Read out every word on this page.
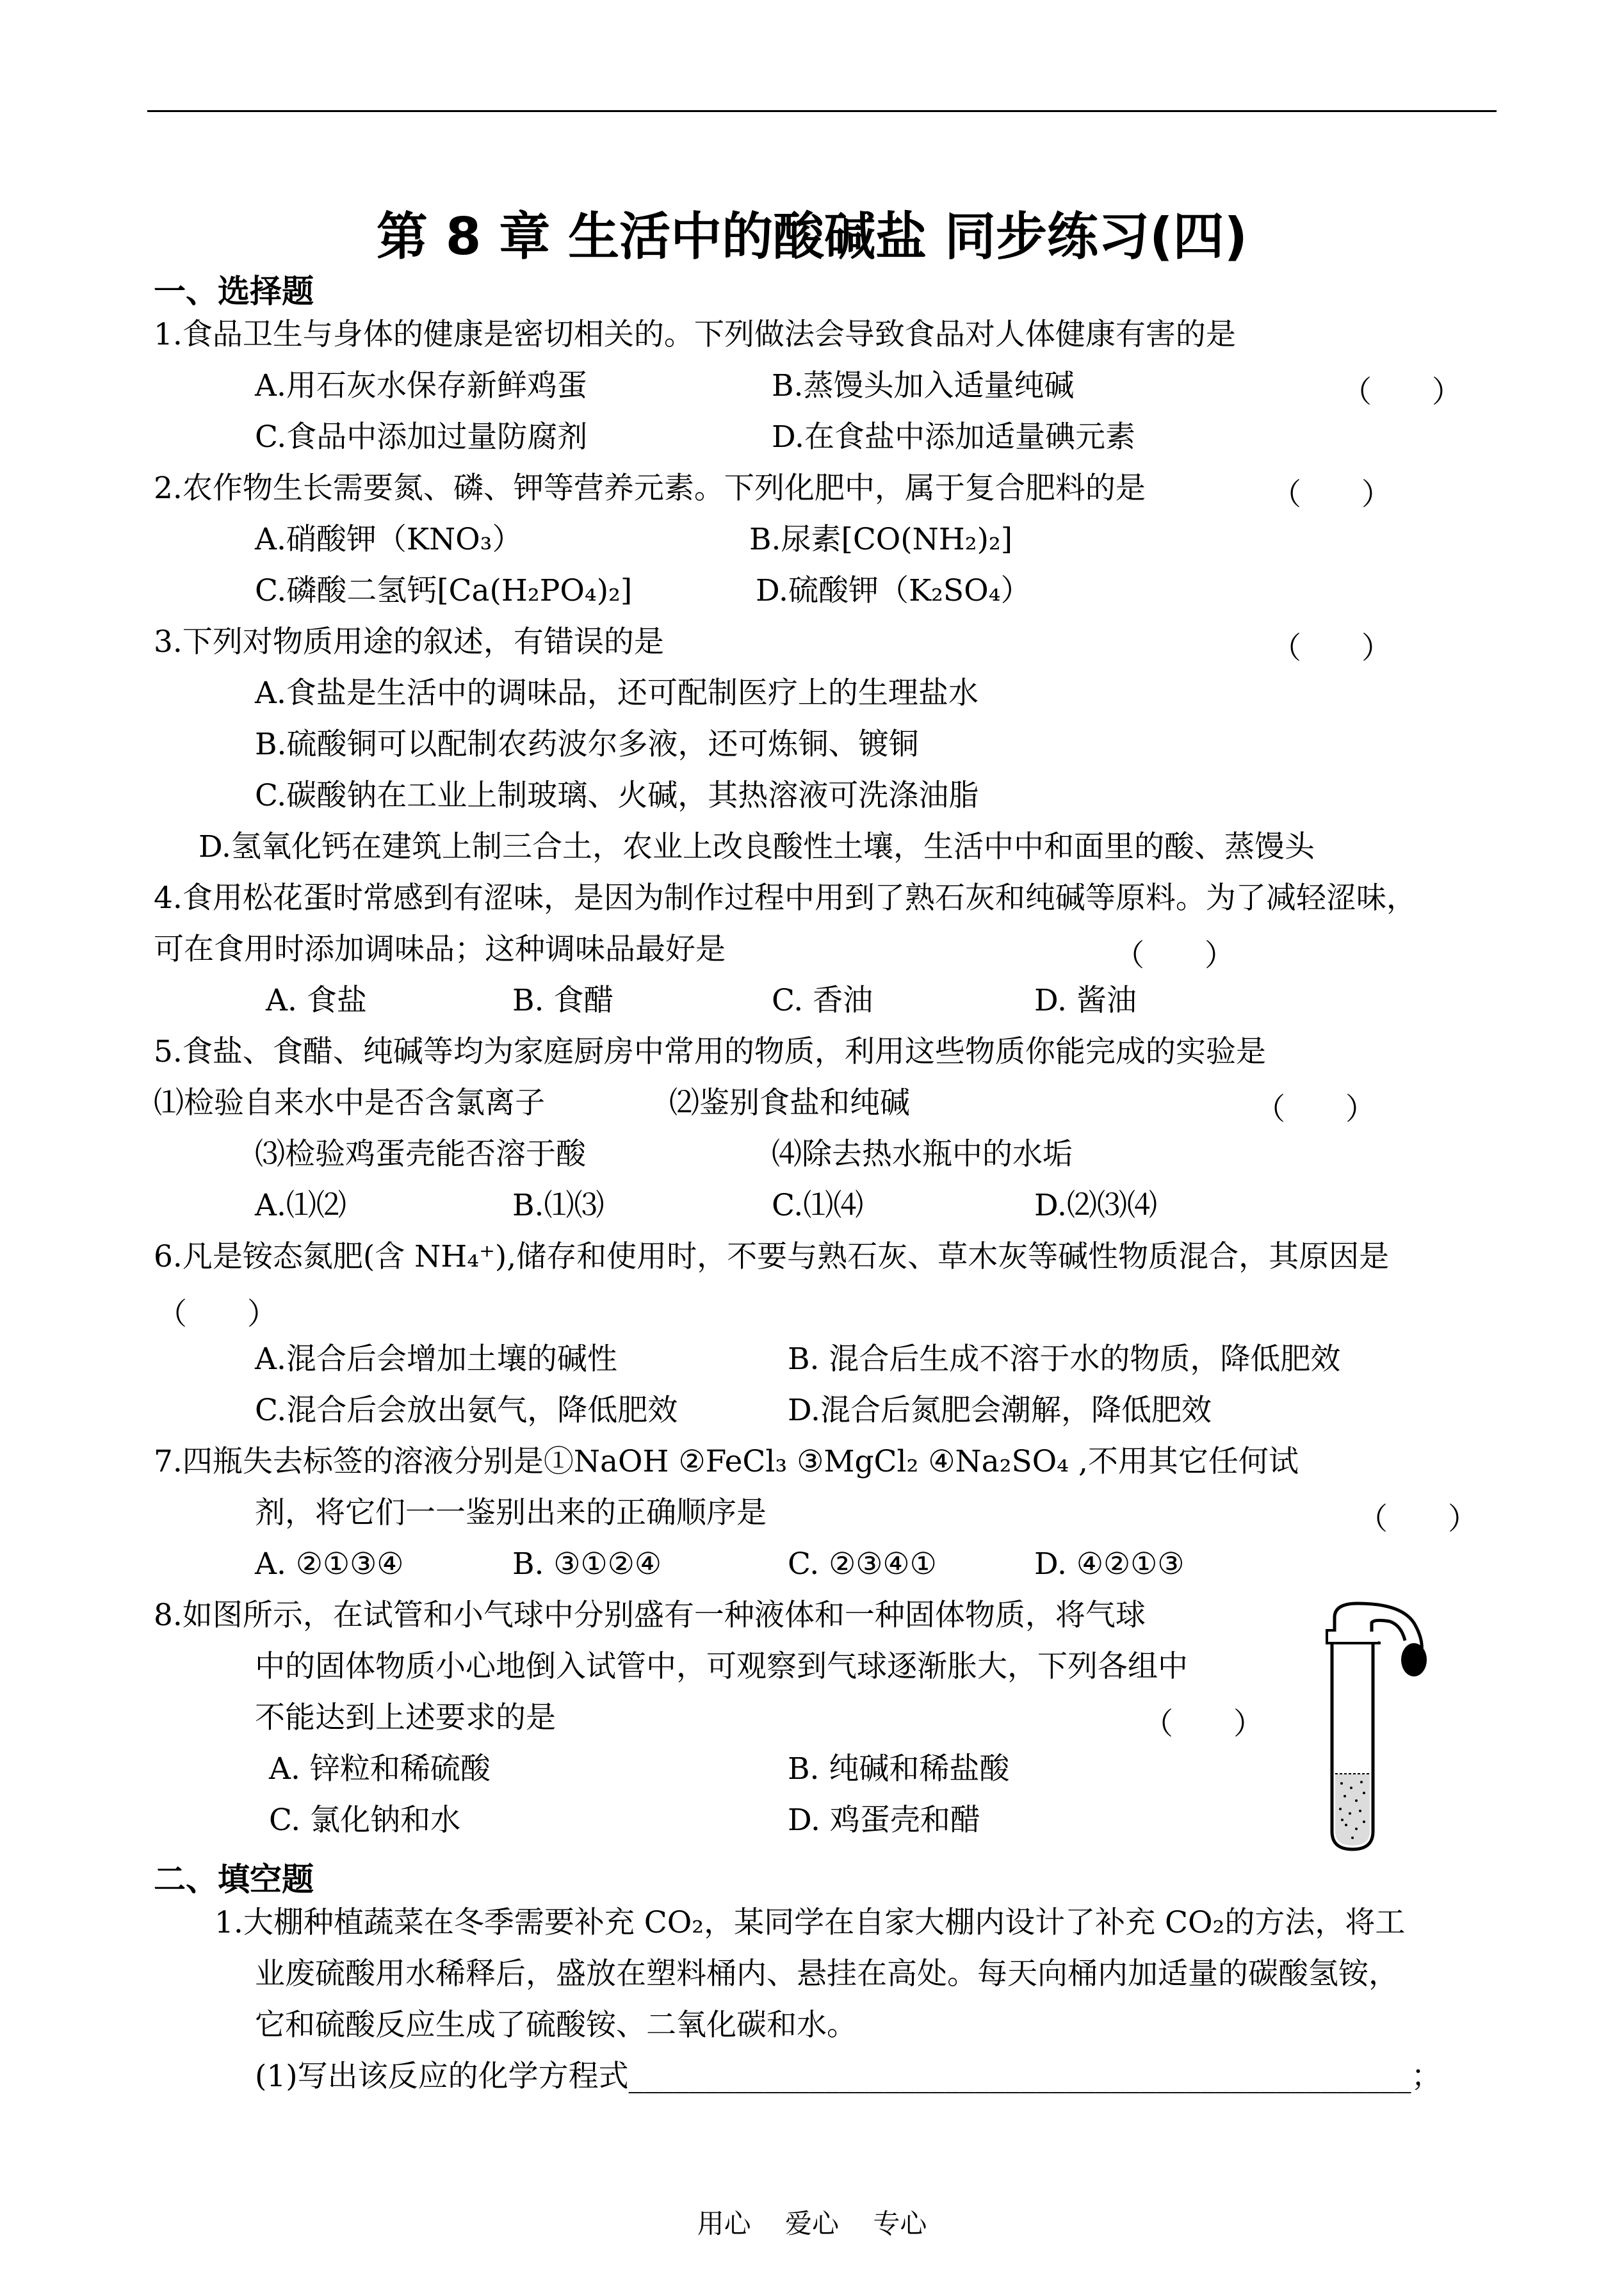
第 8 章 生活中的酸碱盐 同步练习(四)
一、选择题
1.食品卫生与身体的健康是密切相关的。下列做法会导致食品对人体健康有害的是
A.用石灰水保存新鲜鸡蛋	B.蒸馒头加入适量纯碱	（　　）
C.食品中添加过量防腐剂	D.在食盐中添加适量碘元素
2.农作物生长需要氮、磷、钾等营养元素。下列化肥中，属于复合肥料的是	（　　）
A.硝酸钾（KNO₃）	B.尿素[CO(NH₂)₂]
C.磷酸二氢钙[Ca(H₂PO₄)₂]	D.硫酸钾（K₂SO₄）
3.下列对物质用途的叙述，有错误的是	（　　）
A.食盐是生活中的调味品，还可配制医疗上的生理盐水
B.硫酸铜可以配制农药波尔多液，还可炼铜、镀铜
C.碳酸钠在工业上制玻璃、火碱，其热溶液可洗涤油脂
D.氢氧化钙在建筑上制三合土，农业上改良酸性土壤，生活中中和面里的酸、蒸馒头
4.食用松花蛋时常感到有涩味，是因为制作过程中用到了熟石灰和纯碱等原料。为了减轻涩味，
可在食用时添加调味品；这种调味品最好是	（　　）
A. 食盐	B. 食醋	C. 香油	D. 酱油
5.食盐、食醋、纯碱等均为家庭厨房中常用的物质，利用这些物质你能完成的实验是
⑴检验自来水中是否含氯离子	⑵鉴别食盐和纯碱	（　　）
⑶检验鸡蛋壳能否溶于酸	⑷除去热水瓶中的水垢
A.⑴⑵	B.⑴⑶	C.⑴⑷	D.⑵⑶⑷
6.凡是铵态氮肥(含 NH₄⁺),储存和使用时，不要与熟石灰、草木灰等碱性物质混合，其原因是
（　　）
A.混合后会增加土壤的碱性	B. 混合后生成不溶于水的物质，降低肥效
C.混合后会放出氨气，降低肥效	D.混合后氮肥会潮解，降低肥效
7.四瓶失去标签的溶液分别是①NaOH ②FeCl₃ ③MgCl₂ ④Na₂SO₄ ,不用其它任何试
剂，将它们一一鉴别出来的正确顺序是	（　　）
A. ②①③④	B. ③①②④	C. ②③④①	D. ④②①③
8.如图所示，在试管和小气球中分别盛有一种液体和一种固体物质，将气球
中的固体物质小心地倒入试管中，可观察到气球逐渐胀大，下列各组中
不能达到上述要求的是	（　　）
A. 锌粒和稀硫酸	B. 纯碱和稀盐酸
C. 氯化钠和水	D. 鸡蛋壳和醋
二、填空题
1.大棚种植蔬菜在冬季需要补充 CO₂，某同学在自家大棚内设计了补充 CO₂的方法，将工
业废硫酸用水稀释后，盛放在塑料桶内、悬挂在高处。每天向桶内加适量的碳酸氢铵，
它和硫酸反应生成了硫酸铵、二氧化碳和水。
(1)写出该反应的化学方程式____________________________________________________；
用心    爱心    专心
